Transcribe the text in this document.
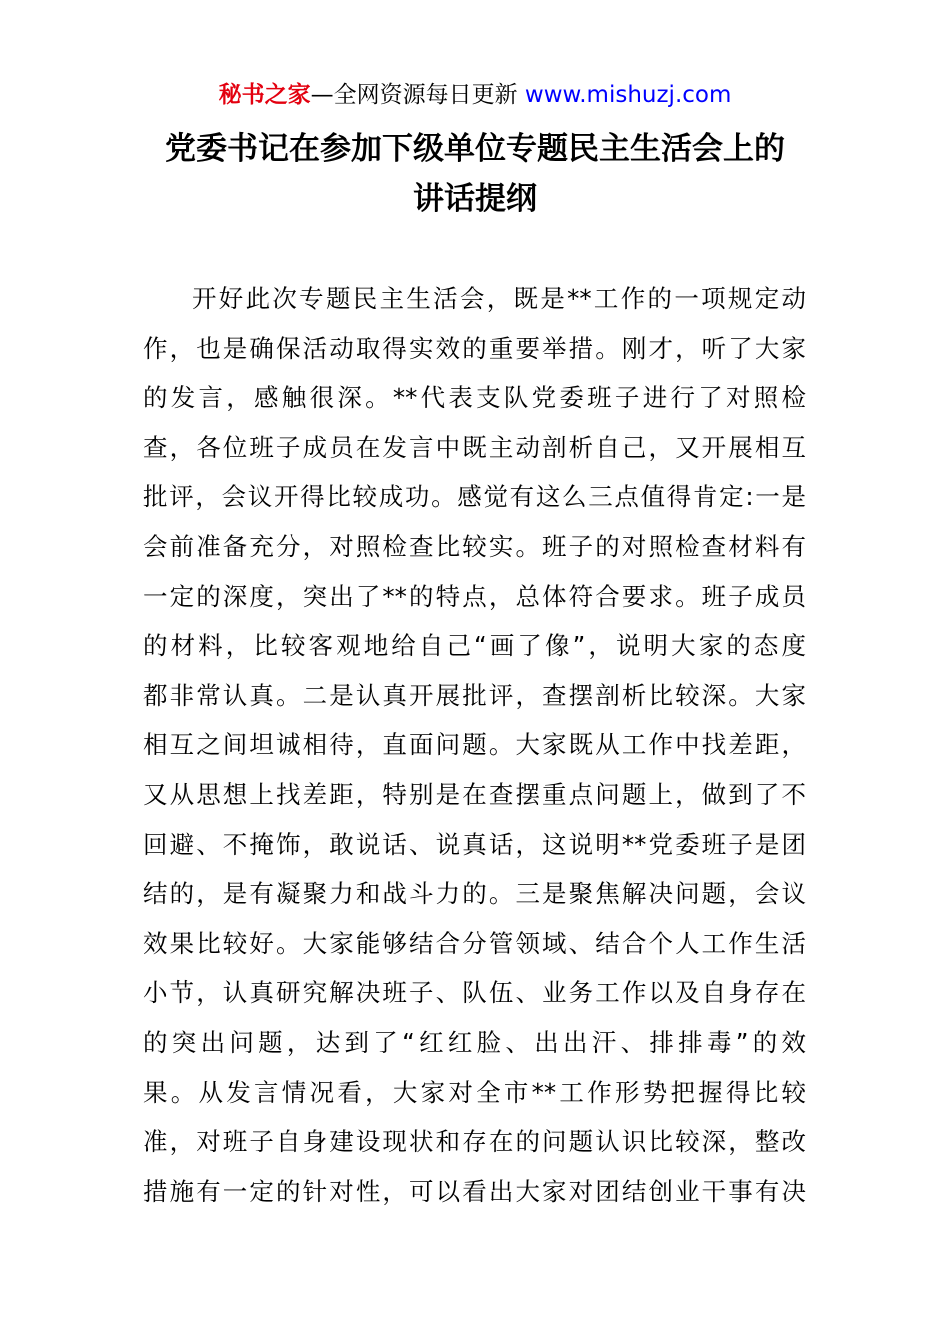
秘书之家—全网资源每日更新 www.mishuzj.com
党委书记在参加下级单位专题民主生活会上的
讲话提纲
开好此次专题民主生活会，既是**工作的一项规定动
作，也是确保活动取得实效的重要举措。刚才，听了大家
的发言，感触很深。**代表支队党委班子进行了对照检
查，各位班子成员在发言中既主动剖析自己，又开展相互
批评，会议开得比较成功。感觉有这么三点值得肯定:一是
会前准备充分，对照检查比较实。班子的对照检查材料有
一定的深度，突出了**的特点，总体符合要求。班子成员
的材料，比较客观地给自己“画了像”，说明大家的态度
都非常认真。二是认真开展批评，查摆剖析比较深。大家
相互之间坦诚相待，直面问题。大家既从工作中找差距，
又从思想上找差距，特别是在查摆重点问题上，做到了不
回避、不掩饰，敢说话、说真话，这说明**党委班子是团
结的，是有凝聚力和战斗力的。三是聚焦解决问题，会议
效果比较好。大家能够结合分管领域、结合个人工作生活
小节，认真研究解决班子、队伍、业务工作以及自身存在
的突出问题，达到了“红红脸、出出汗、排排毒”的效
果。从发言情况看，大家对全市**工作形势把握得比较
准，对班子自身建设现状和存在的问题认识比较深，整改
措施有一定的针对性，可以看出大家对团结创业干事有决
